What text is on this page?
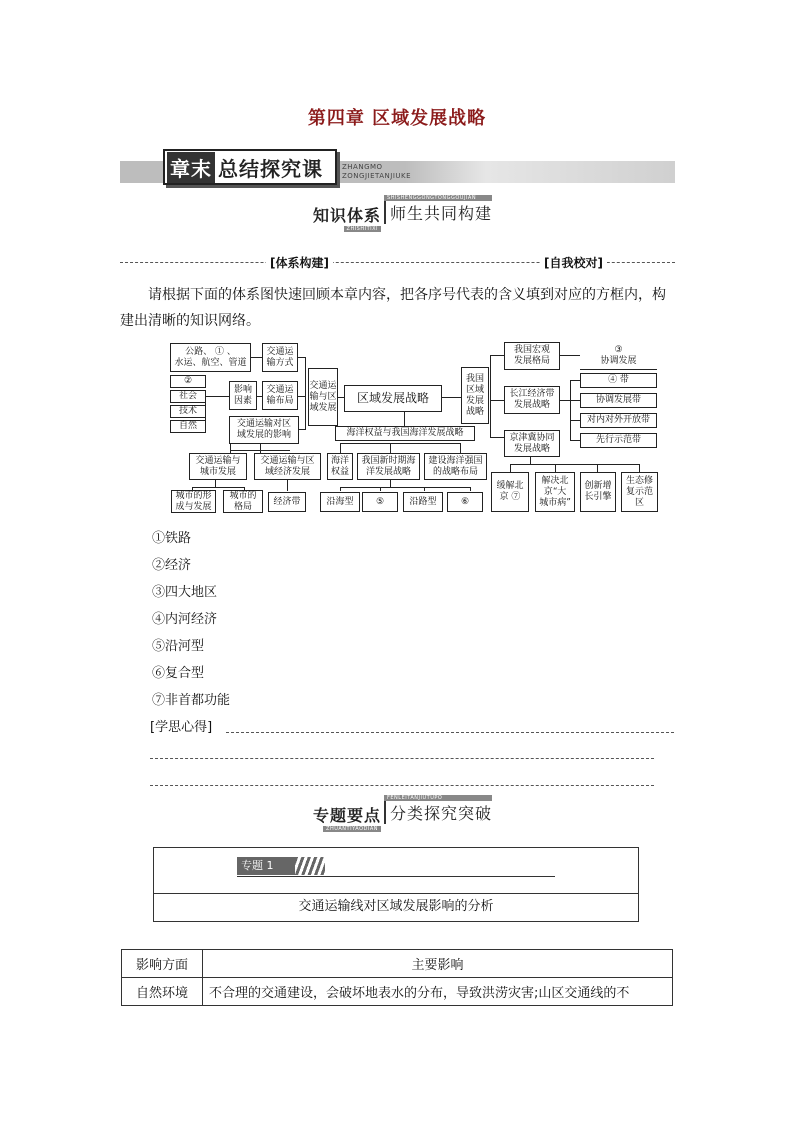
第四章 区域发展战略
章末 总结探究课	ZHANGMO
ZONGJIETANJIUKE
知识体系
ZHISHITIXI
SHISHENGGONGTONGGOUJIAN
师生共同构建
[体系构建]	[自我校对]
请根据下面的体系图快速回顾本章内容，把各序号代表的含义填到对应的方框内，构建出清晰的知识网络。
公路、 ① 、
水运、航空、管道
交通运
输方式
②
社会
技术
自然
影响
因素
交通运
输布局
交通运输对区
域发展的影响
交通运
输与区
域发展
区域发展战略
我国
区域
发展
战略
我国宏观
发展格局
③
协调发展
长江经济带
发展战略
④ 带
协调发展带
对内对外开放带
先行示范带
海洋权益与我国海洋发展战略	京津冀协同
发展战略
交通运输与
城市发展
交通运输与区
域经济发展
海洋
权益
我国新时期海
洋发展战略
建设海洋强国
的战略布局
缓解北
京 ⑦
解决北
京“大
城市病”
创新增
长引擎
生态修
复示范
区
城市的形
成与发展
城市的
格局	经济带	沿海型	⑤	沿路型	⑥
①铁路
②经济
③四大地区
④内河经济
⑤沿河型
⑥复合型
⑦非首都功能
[学思心得]
专题要点
ZHUANTIYAODIAN
FENLEITANJIUTUPO
分类探究突破
专题 1
交通运输线对区域发展影响的分析
影响方面	主要影响
自然环境	不合理的交通建设，会破坏地表水的分布，导致洪涝灾害;山区交通线的不
